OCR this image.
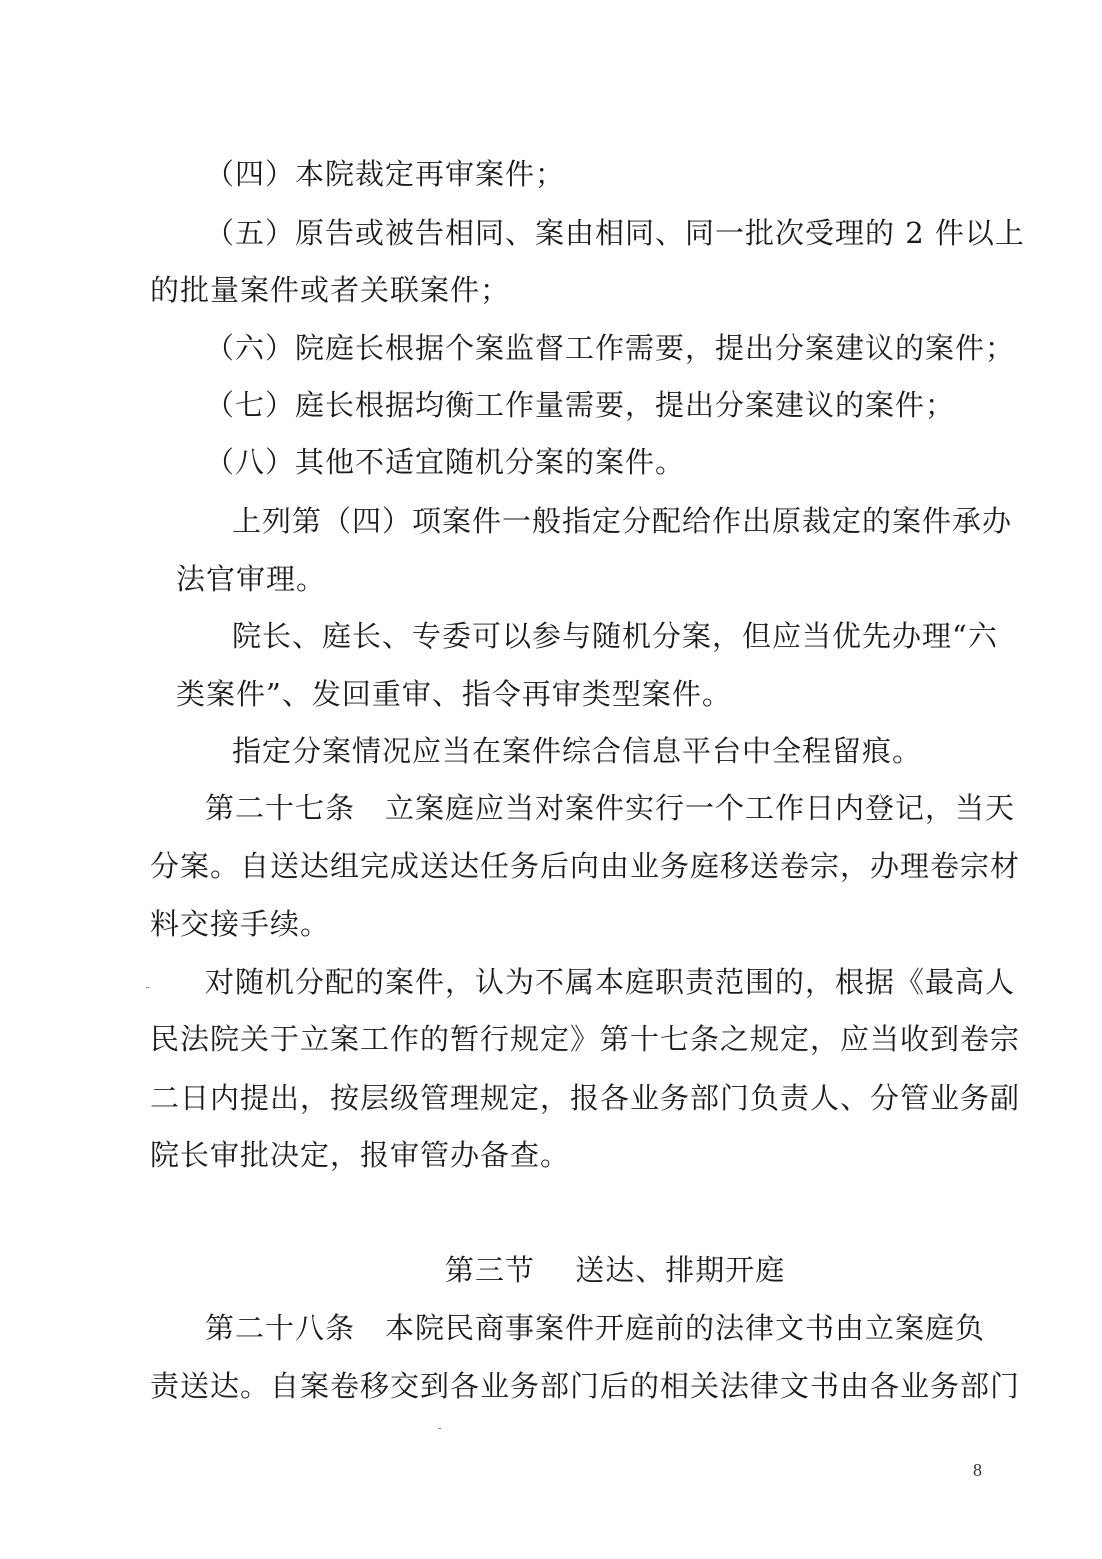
（四）本院裁定再审案件；
（五）原告或被告相同、案由相同、同一批次受理的 2 件以上
的批量案件或者关联案件；
（六）院庭长根据个案监督工作需要，提出分案建议的案件；
（七）庭长根据均衡工作量需要，提出分案建议的案件；
（八）其他不适宜随机分案的案件。
上列第（四）项案件一般指定分配给作出原裁定的案件承办
法官审理。
院长、庭长、专委可以参与随机分案，但应当优先办理“六
类案件”、发回重审、指令再审类型案件。
指定分案情况应当在案件综合信息平台中全程留痕。
第二十七条　立案庭应当对案件实行一个工作日内登记，当天
分案。自送达组完成送达任务后向由业务庭移送卷宗，办理卷宗材
料交接手续。
对随机分配的案件，认为不属本庭职责范围的，根据《最高人
民法院关于立案工作的暂行规定》第十七条之规定，应当收到卷宗
二日内提出，按层级管理规定，报各业务部门负责人、分管业务副
院长审批决定，报审管办备查。
第三节　 送达、排期开庭
第二十八条　本院民商事案件开庭前的法律文书由立案庭负
责送达。自案卷移交到各业务部门后的相关法律文书由各业务部门
8
